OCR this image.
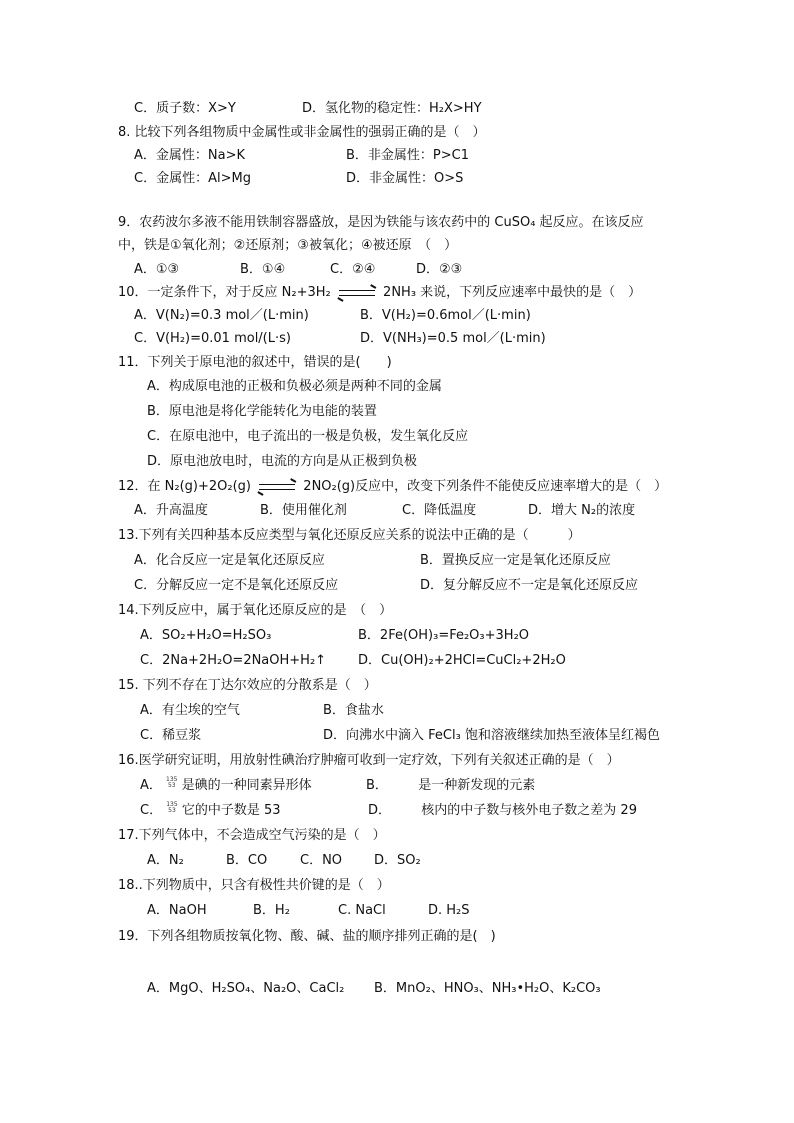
C．质子数：X>Y	D．氢化物的稳定性：H₂X>HY
8. 比较下列各组物质中金属性或非金属性的强弱正确的是（　）
A．金属性：Na>K	B．非金属性：P>C1
C．金属性：Al>Mg	D．非金属性：O>S
9．农药波尔多液不能用铁制容器盛放，是因为铁能与该农药中的 CuSO₄ 起反应。在该反应
中，铁是①氧化剂；②还原剂；③被氧化；④被还原　（　）
A．①③	B．①④	C．②④	D．②③
10．一定条件下，对于反应 N₂+3H₂	2NH₃ 来说，下列反应速率中最快的是（　）
A．V(N₂)=0.3 mol／(L·min)	B．V(H₂)=0.6mol／(L·min)
C．V(H₂)=0.01 mol/(L·s)	D．V(NH₃)=0.5 mol／(L·min)
11．下列关于原电池的叙述中，错误的是(　　)
A．构成原电池的正极和负极必须是两种不同的金属
B．原电池是将化学能转化为电能的装置
C．在原电池中，电子流出的一极是负极，发生氧化反应
D．原电池放电时，电流的方向是从正极到负极
12．在 N₂(g)+2O₂(g)	2NO₂(g)反应中，改变下列条件不能使反应速率增大的是（　）
A．升高温度	B．使用催化剂	C．降低温度	D．增大 N₂的浓度
13.下列有关四种基本反应类型与氧化还原反应关系的说法中正确的是（　　　）
A．化合反应一定是氧化还原反应	B．置换反应一定是氧化还原反应
C．分解反应一定不是氧化还原反应	D．复分解反应不一定是氧化还原反应
14.下列反应中，属于氧化还原反应的是　（　）
A．SO₂+H₂O=H₂SO₃	B．2Fe(OH)₃=Fe₂O₃+3H₂O
C．2Na+2H₂O=2NaOH+H₂↑ D．Cu(OH)₂+2HCl=CuCl₂+2H₂O
15. 下列不存在丁达尔效应的分散系是（　）
A．有尘埃的空气	B．食盐水
C．稀豆浆	D．向沸水中滴入 FeCl₃ 饱和溶液继续加热至液体呈红褐色
16.医学研究证明，用放射性碘治疗肿瘤可收到一定疗效，下列有关叙述正确的是（　）
A． 135
53 是碘的一种同素异形体	B． 是一种新发现的元素
C． 135
53 它的中子数是 53	D． 核内的中子数与核外电子数之差为 29
17.下列气体中，不会造成空气污染的是（　）
A．N₂	B．CO	C．NO D．SO₂
18..下列物质中，只含有极性共价键的是（　）
A．NaOH	B．H₂	C. NaCl	D. H₂S
19．下列各组物质按氧化物、酸、碱、盐的顺序排列正确的是(　)
A．MgO、H₂SO₄、Na₂O、CaCl₂ B．MnO₂、HNO₃、NH₃•H₂O、K₂CO₃
